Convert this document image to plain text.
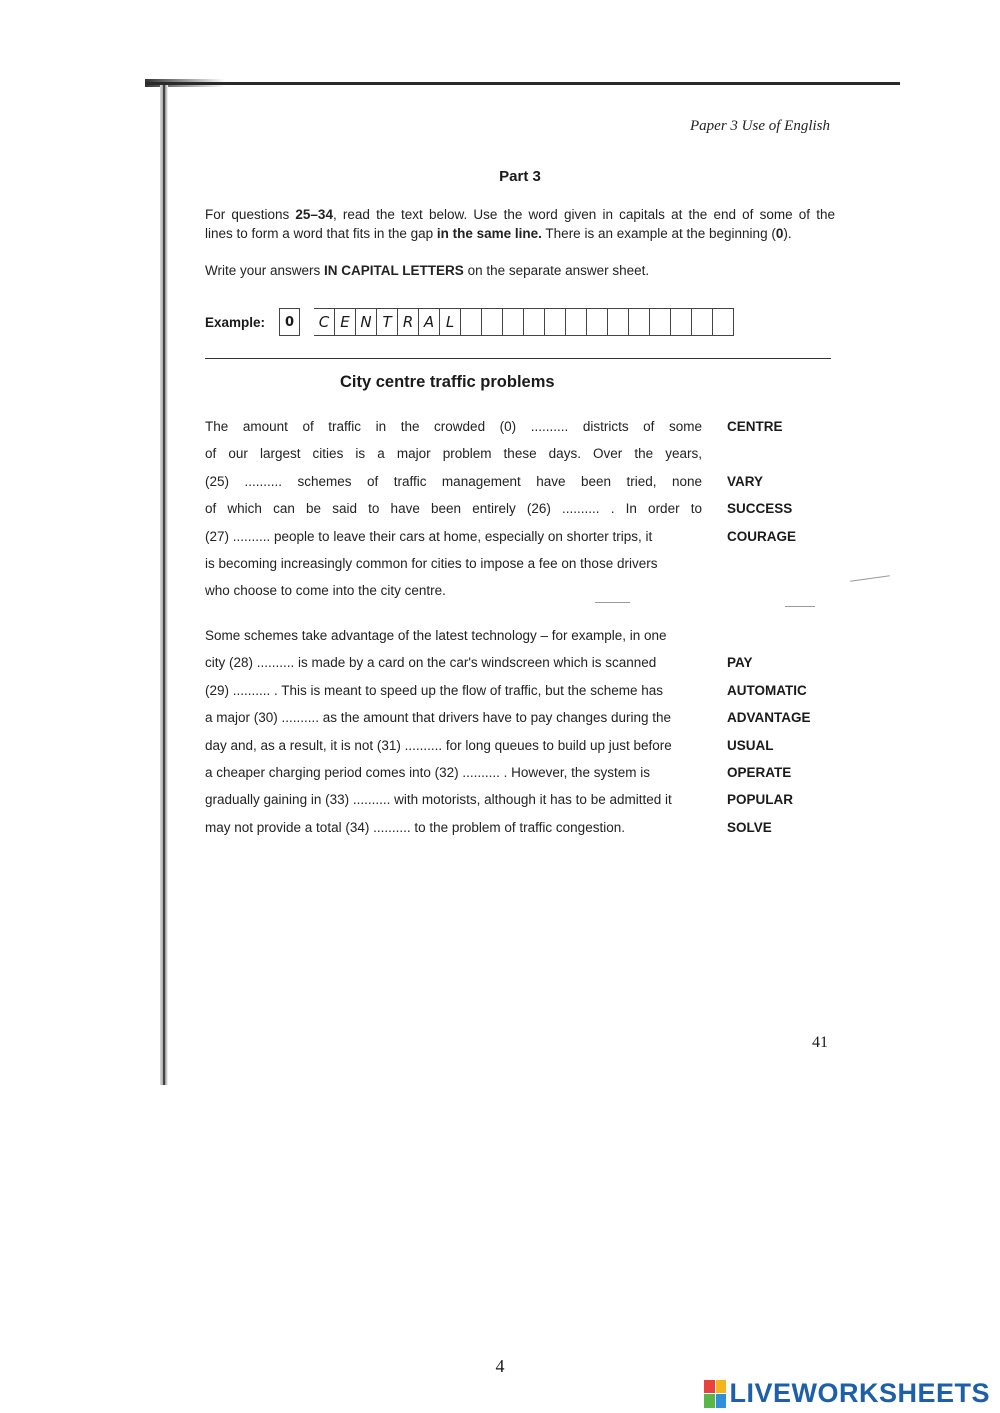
Paper 3 Use of English
Part 3
For questions 25–34, read the text below. Use the word given in capitals at the end of some of the
lines to form a word that fits in the gap in the same line. There is an example at the beginning (0).
Write your answers IN CAPITAL LETTERS on the separate answer sheet.
Example:	0	C E N T R A L
City centre traffic problems
The amount of traffic in the crowded (0) .......... districts of some
of our largest cities is a major problem these days. Over the years,
(25) .......... schemes of traffic management have been tried, none
of which can be said to have been entirely (26) .......... . In order to
(27) .......... people to leave their cars at home, especially on shorter trips, it
is becoming increasingly common for cities to impose a fee on those drivers
who choose to come into the city centre.
CENTRE
VARY
SUCCESS
COURAGE
Some schemes take advantage of the latest technology – for example, in one
city (28) .......... is made by a card on the car's windscreen which is scanned
(29) .......... . This is meant to speed up the flow of traffic, but the scheme has
a major (30) .......... as the amount that drivers have to pay changes during the
day and, as a result, it is not (31) .......... for long queues to build up just before
a cheaper charging period comes into (32) .......... . However, the system is
gradually gaining in (33) .......... with motorists, although it has to be admitted it
may not provide a total (34) .......... to the problem of traffic congestion.
PAY
AUTOMATIC
ADVANTAGE
USUAL
OPERATE
POPULAR
SOLVE
41
4
LIVEWORKSHEETS
